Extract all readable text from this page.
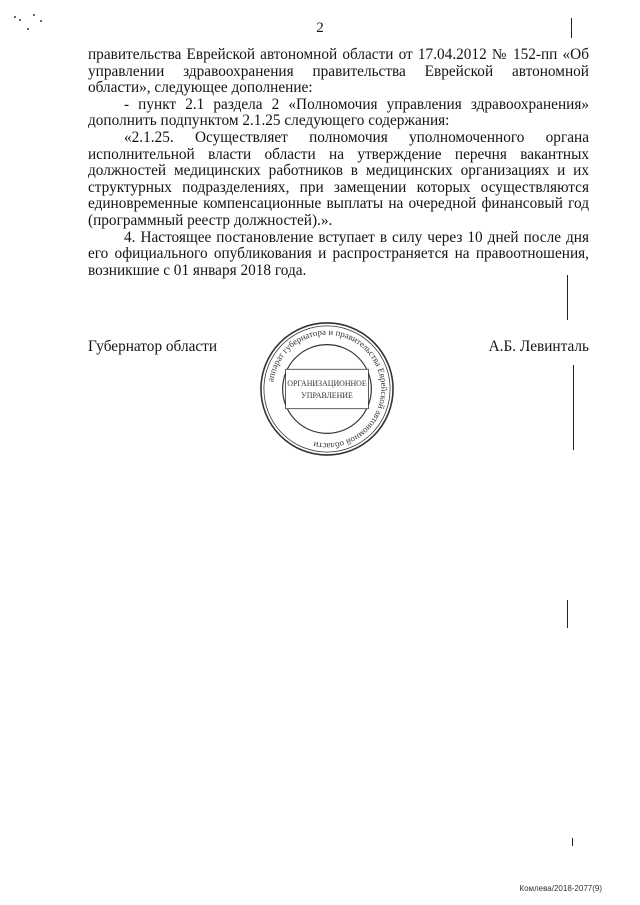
2

правительства Еврейской автономной области от 17.04.2012 № 152-пп «Об управлении здравоохранения правительства Еврейской автономной области», следующее дополнение:

- пункт 2.1 раздела 2 «Полномочия управления здравоохранения» дополнить подпунктом 2.1.25 следующего содержания:

«2.1.25. Осуществляет полномочия уполномоченного органа исполнительной власти области на утверждение перечня вакантных должностей медицинских работников в медицинских организациях и их структурных подразделениях, при замещении которых осуществляются единовременные компенсационные выплаты на очередной финансовый год (программный реестр должностей).».

4. Настоящее постановление вступает в силу через 10 дней после дня его официального опубликования и распространяется на правоотношения, возникшие с 01 января 2018 года.

Губернатор области	А.Б. Левинталь
аппарат губернатора и правительства Еврейской автономной области
ОРГАНИЗАЦИОННОЕ
УПРАВЛЕНИЕ
Комлева/2018-2077(9)
